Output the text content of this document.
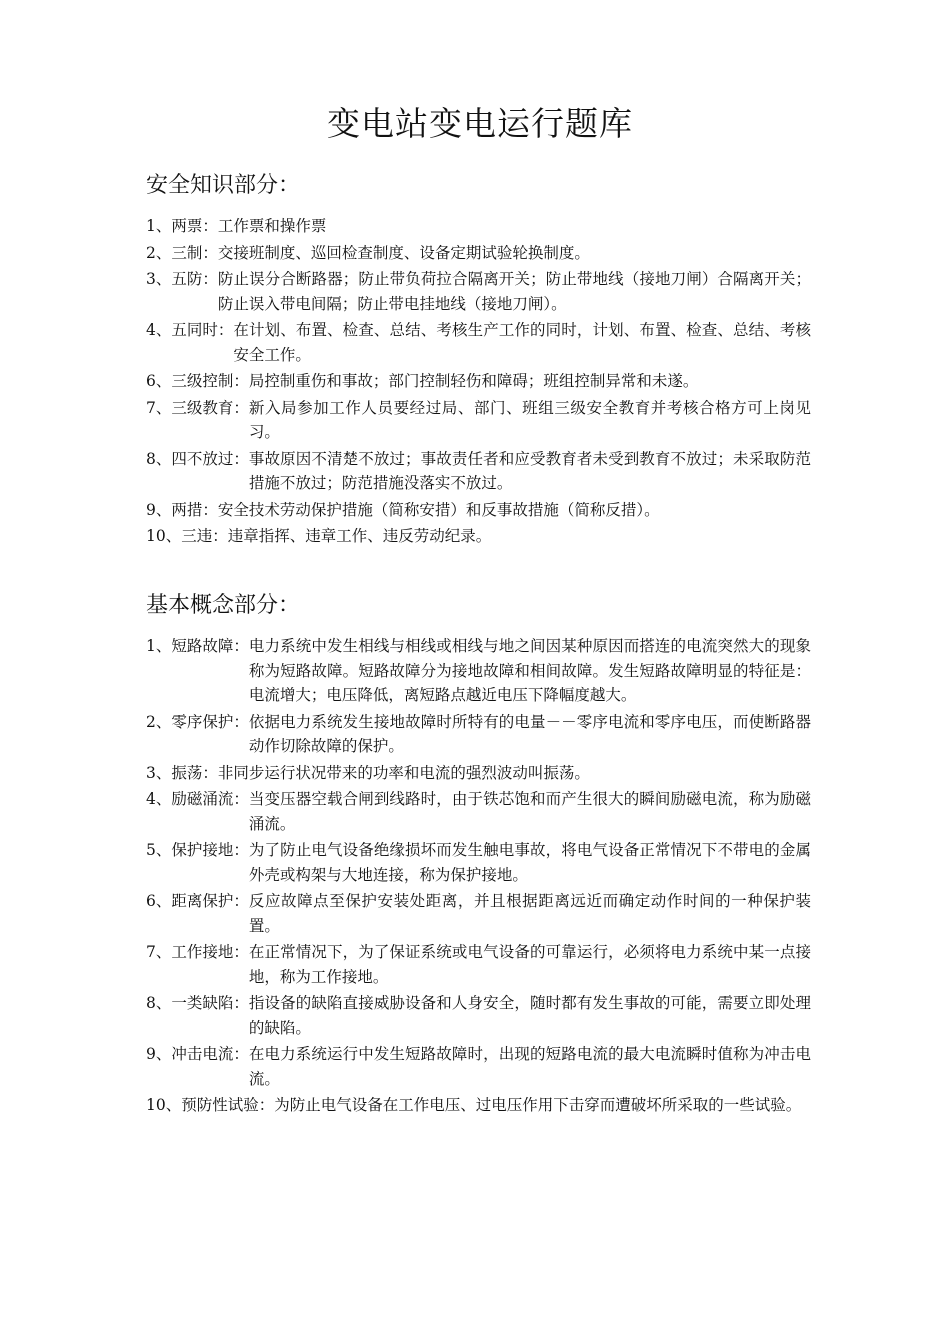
变电站变电运行题库
安全知识部分：
1、两票： 工作票和操作票
2、三制： 交接班制度、巡回检查制度、设备定期试验轮换制度。
3、五防： 防止误分合断路器；防止带负荷拉合隔离开关；防止带地线（接地刀闸）合隔离开关；防止误入带电间隔；防止带电挂地线（接地刀闸）。
4、五同时： 在计划、布置、检查、总结、考核生产工作的同时，计划、布置、检查、总结、考核安全工作。
6、三级控制： 局控制重伤和事故；部门控制轻伤和障碍；班组控制异常和未遂。
7、三级教育： 新入局参加工作人员要经过局、部门、班组三级安全教育并考核合格方可上岗见习。
8、四不放过： 事故原因不清楚不放过；事故责任者和应受教育者未受到教育不放过；未采取防范措施不放过；防范措施没落实不放过。
9、两措： 安全技术劳动保护措施（简称安措）和反事故措施（简称反措）。
10、三违： 违章指挥、违章工作、违反劳动纪录。
基本概念部分：
1、短路故障： 电力系统中发生相线与相线或相线与地之间因某种原因而搭连的电流突然大的现象称为短路故障。短路故障分为接地故障和相间故障。发生短路故障明显的特征是：电流增大；电压降低，离短路点越近电压下降幅度越大。
2、零序保护： 依据电力系统发生接地故障时所特有的电量－－零序电流和零序电压，而使断路器动作切除故障的保护。
3、振荡： 非同步运行状况带来的功率和电流的强烈波动叫振荡。
4、励磁涌流： 当变压器空载合闸到线路时，由于铁芯饱和而产生很大的瞬间励磁电流，称为励磁涌流。
5、保护接地： 为了防止电气设备绝缘损坏而发生触电事故，将电气设备正常情况下不带电的金属外壳或构架与大地连接，称为保护接地。
6、距离保护： 反应故障点至保护安装处距离，并且根据距离远近而确定动作时间的一种保护装置。
7、工作接地： 在正常情况下，为了保证系统或电气设备的可靠运行，必须将电力系统中某一点接地，称为工作接地。
8、一类缺陷： 指设备的缺陷直接威胁设备和人身安全，随时都有发生事故的可能，需要立即处理的缺陷。
9、冲击电流： 在电力系统运行中发生短路故障时，出现的短路电流的最大电流瞬时值称为冲击电流。
10、预防性试验： 为防止电气设备在工作电压、过电压作用下击穿而遭破坏所采取的一些试验。
